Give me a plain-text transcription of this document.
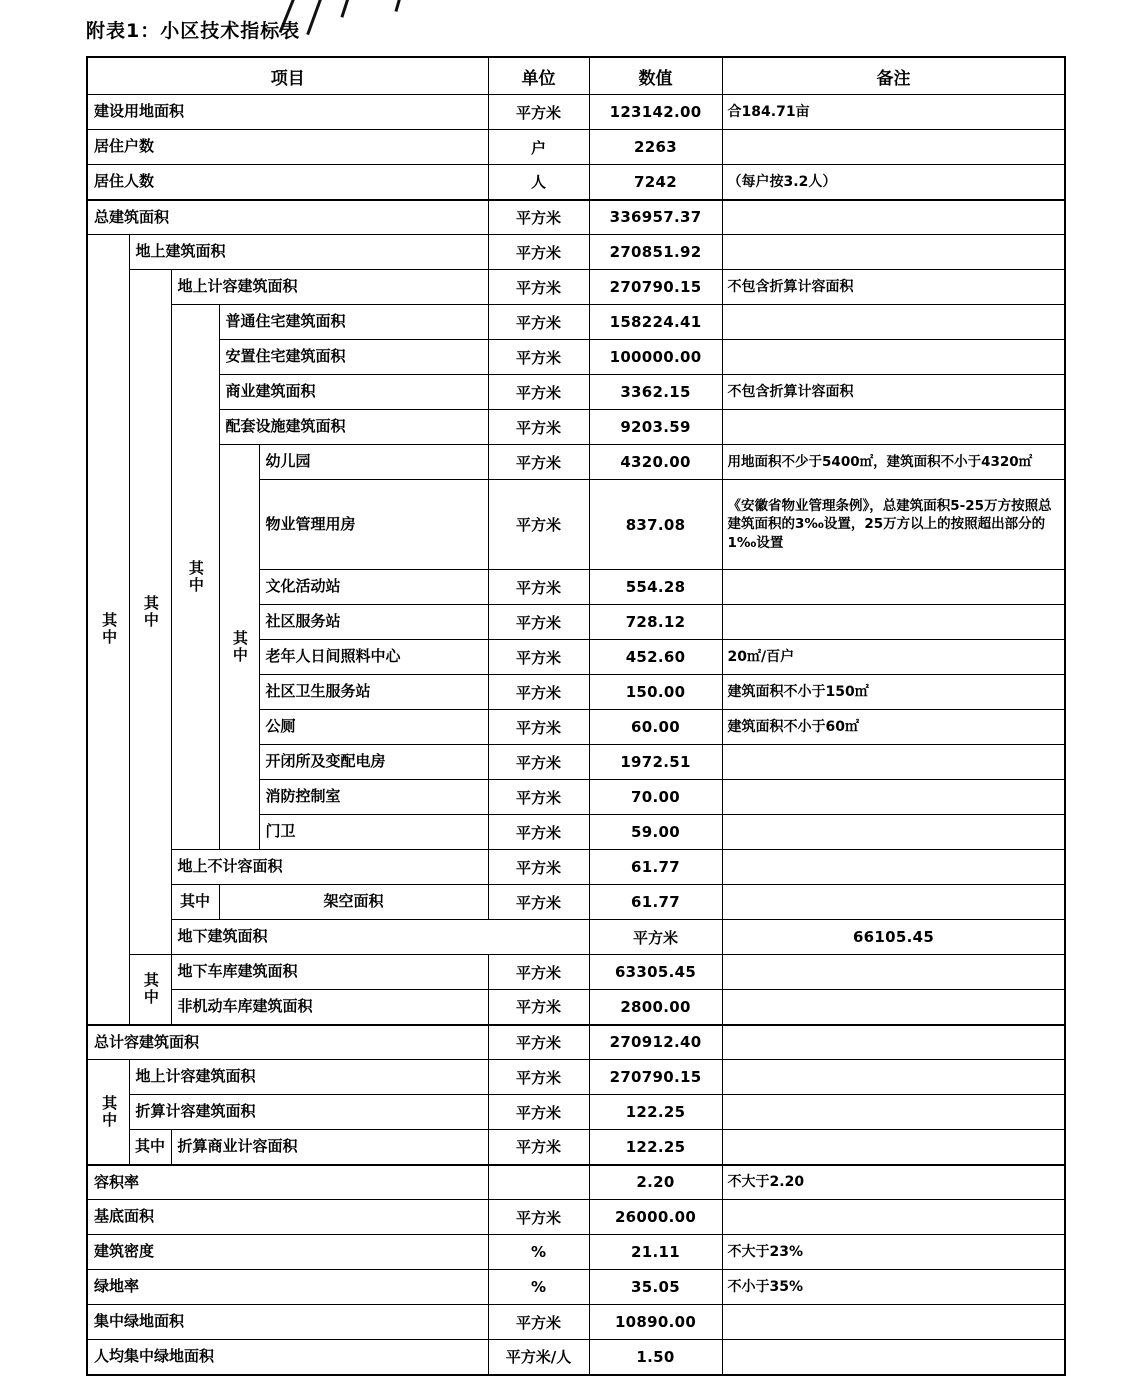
附表1：小区技术指标表
项目					单位	数值	备注	
建设用地面积					平方米	123142.00	合184.71亩	
居住户数					户	2263		
居住人数					人	7242	（每户按3.2人）	
总建筑面积					平方米	336957.37		
其中	地上建筑面积				平方米	270851.92		
	其中	地上计容建筑面积			平方米	270790.15	不包含折算计容面积	
		其中	普通住宅建筑面积		平方米	158224.41		
			安置住宅建筑面积		平方米	100000.00		
			商业建筑面积		平方米	3362.15	不包含折算计容面积	
			配套设施建筑面积		平方米	9203.59		
			其中	幼儿园	平方米	4320.00	用地面积不少于5400㎡，建筑面积不小于4320㎡	
				物业管理用房	平方米	837.08	《安徽省物业管理条例》，总建筑面积5-25万方按照总建筑面积的3‰设置，25万方以上的按照超出部分的1‰设置	
				文化活动站	平方米	554.28		
				社区服务站	平方米	728.12		
				老年人日间照料中心	平方米	452.60	20㎡/百户	
				社区卫生服务站	平方米	150.00	建筑面积不小于150㎡	
				公厕	平方米	60.00	建筑面积不小于60㎡	
				开闭所及变配电房	平方米	1972.51		
				消防控制室	平方米	70.00		
				门卫	平方米	59.00		
		地上不计容面积			平方米	61.77		
		其中	架空面积		平方米	61.77		
		地下建筑面积				平方米	66105.45	
	其中	地下车库建筑面积			平方米	63305.45		
		非机动车库建筑面积			平方米	2800.00		
总计容建筑面积					平方米	270912.40		
其中	地上计容建筑面积				平方米	270790.15		
	折算计容建筑面积				平方米	122.25		
	其中	折算商业计容面积			平方米	122.25		
容积率						2.20	不大于2.20	
基底面积					平方米	26000.00		
建筑密度					%	21.11	不大于23%	
绿地率					%	35.05	不小于35%	
集中绿地面积					平方米	10890.00		
人均集中绿地面积					平方米/人	1.50		
